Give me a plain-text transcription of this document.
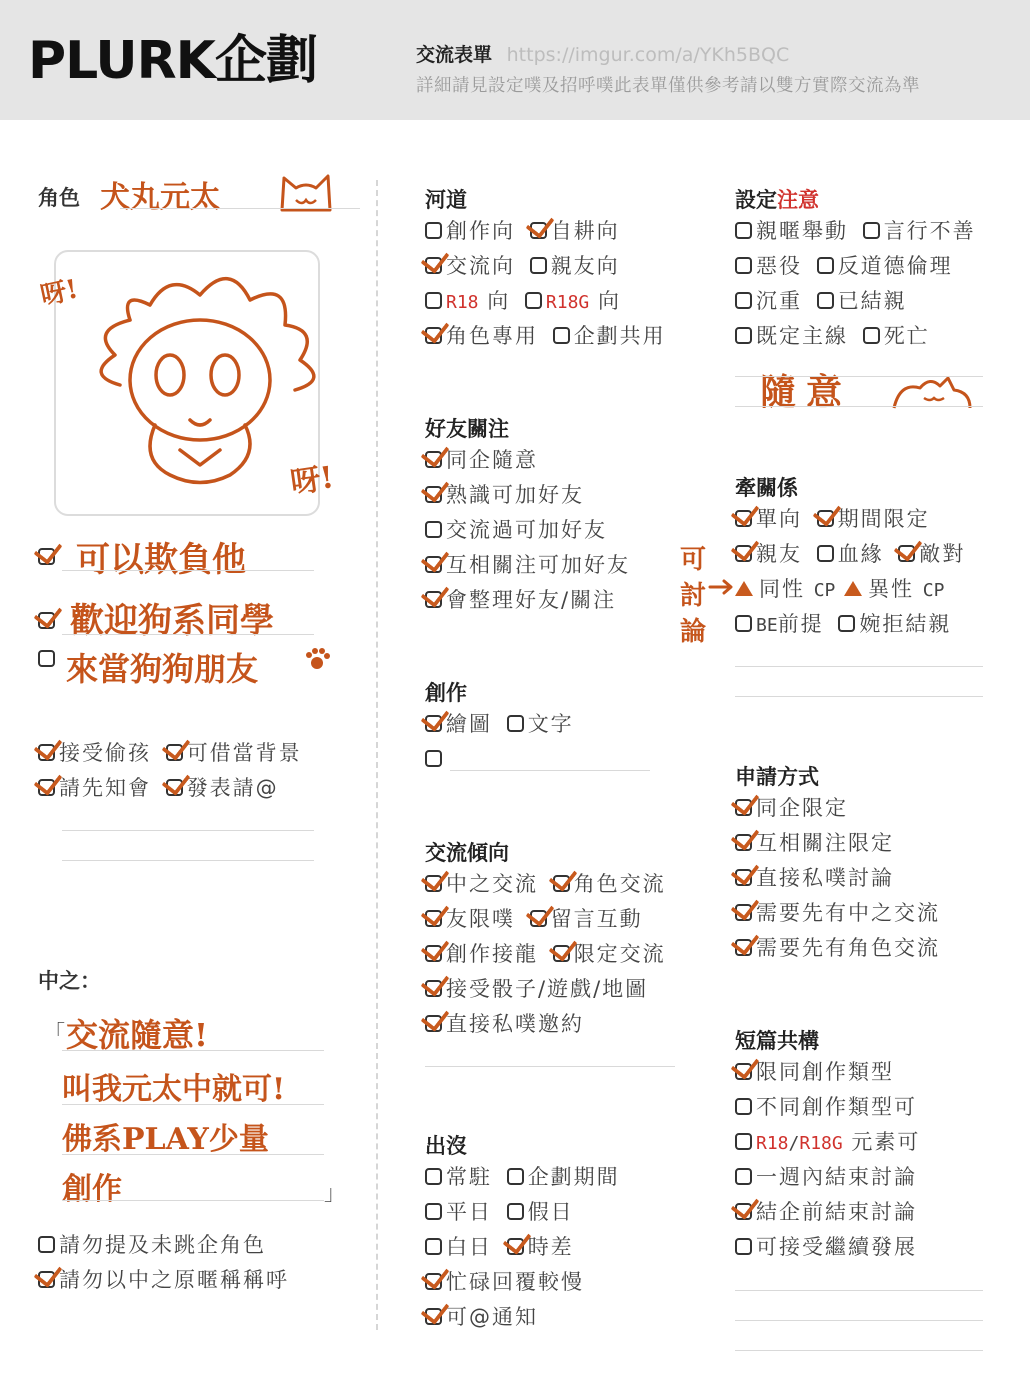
PLURK企劃	交流表單 https://imgur.com/a/YKh5BQC
詳細請見設定噗及招呼噗此表單僅供參考請以雙方實際交流為準
角色 犬丸元太
呀!
呀!
可以欺負他
歡迎狗系同學
來當狗狗朋友
接受偷孩 可借當背景
請先知會 發表請@
中之：
「 交流隨意!
叫我元太中就可!
佛系PLAY少量
創作	」
請勿提及未跳企角色
請勿以中之原暱稱稱呼
河道
創作向 自耕向
交流向 親友向
R18 向 R18G 向
角色專用 企劃共用
好友關注
同企隨意
熟識可加好友
交流過可加好友
互相關注可加好友
會整理好友/關注
創作
繪圖 文字
交流傾向
中之交流 角色交流
友限噗 留言互動
創作接龍 限定交流
接受骰子/遊戲/地圖
直接私噗邀約
出沒
常駐 企劃期間
平日 假日
白日 時差
忙碌回覆較慢
可@通知
設定注意
親暱舉動 言行不善
惡役 反道德倫理
沉重 已結親
既定主線 死亡
隨意
牽關係
單向 期間限定
親友 血緣 敵對
同性 CP 異性 CP
BE前提 婉拒結親
可討論
申請方式
同企限定
互相關注限定
直接私噗討論
需要先有中之交流
需要先有角色交流
短篇共構
限同創作類型
不同創作類型可
R18/R18G 元素可
一週內結束討論
結企前結束討論
可接受繼續發展
